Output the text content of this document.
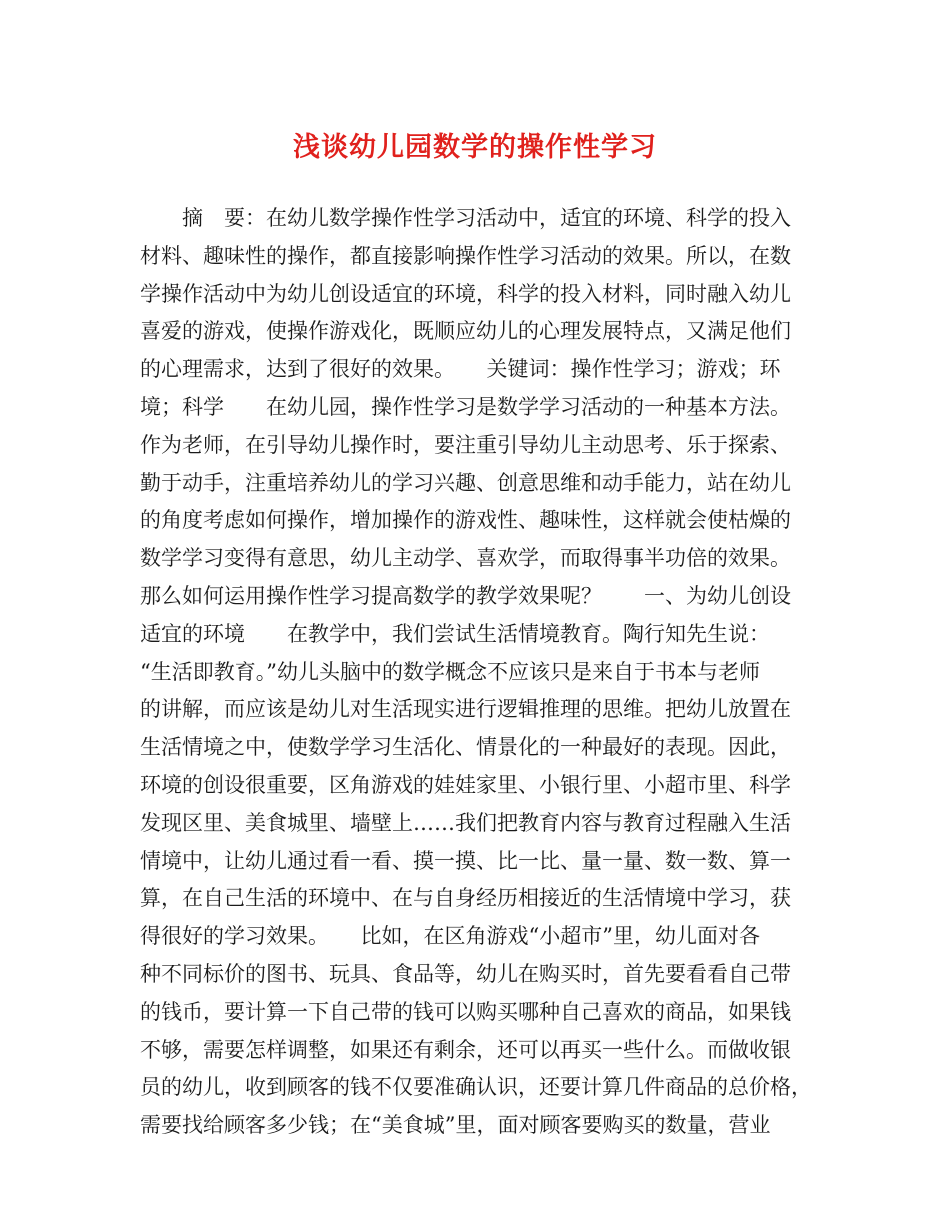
浅谈幼儿园数学的操作性学习
　　摘　要：在幼儿数学操作性学习活动中，适宜的环境、科学的投入
材料、趣味性的操作，都直接影响操作性学习活动的效果。所以，在数
学操作活动中为幼儿创设适宜的环境，科学的投入材料，同时融入幼儿
喜爱的游戏，使操作游戏化，既顺应幼儿的心理发展特点，又满足他们
的心理需求，达到了很好的效果。　　关键词：操作性学习；游戏；环
境；科学　　在幼儿园，操作性学习是数学学习活动的一种基本方法。
作为老师，在引导幼儿操作时，要注重引导幼儿主动思考、乐于探索、
勤于动手，注重培养幼儿的学习兴趣、创意思维和动手能力，站在幼儿
的角度考虑如何操作，增加操作的游戏性、趣味性，这样就会使枯燥的
数学学习变得有意思，幼儿主动学、喜欢学，而取得事半功倍的效果。
那么如何运用操作性学习提高数学的教学效果呢？　　一、为幼儿创设
适宜的环境　　在教学中，我们尝试生活情境教育。陶行知先生说：
“生活即教育。”幼儿头脑中的数学概念不应该只是来自于书本与老师
的讲解，而应该是幼儿对生活现实进行逻辑推理的思维。把幼儿放置在
生活情境之中，使数学学习生活化、情景化的一种最好的表现。因此，
环境的创设很重要，区角游戏的娃娃家里、小银行里、小超市里、科学
发现区里、美食城里、墙壁上……我们把教育内容与教育过程融入生活
情境中，让幼儿通过看一看、摸一摸、比一比、量一量、数一数、算一
算，在自己生活的环境中、在与自身经历相接近的生活情境中学习，获
得很好的学习效果。　　比如，在区角游戏“小超市”里，幼儿面对各
种不同标价的图书、玩具、食品等，幼儿在购买时，首先要看看自己带
的钱币，要计算一下自己带的钱可以购买哪种自己喜欢的商品，如果钱
不够，需要怎样调整，如果还有剩余，还可以再买一些什么。而做收银
员的幼儿，收到顾客的钱不仅要准确认识，还要计算几件商品的总价格，
需要找给顾客多少钱；在“美食城”里，面对顾客要购买的数量，营业
